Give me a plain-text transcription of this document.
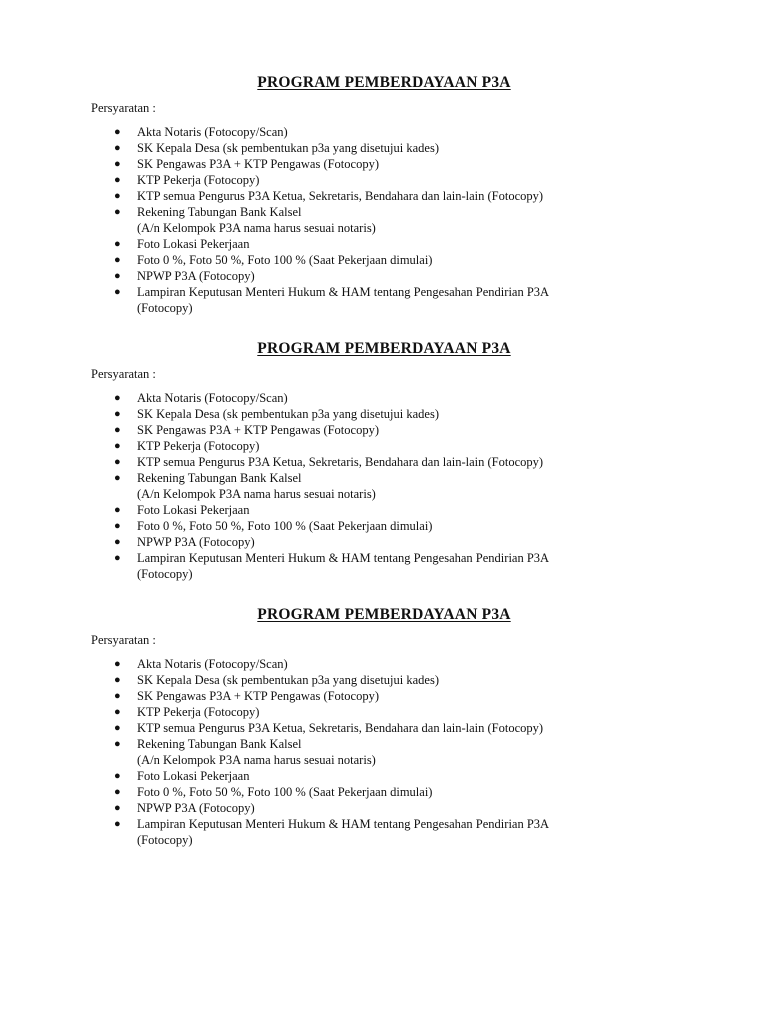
PROGRAM PEMBERDAYAAN P3A

Persyaratan :

● Akta Notaris (Fotocopy/Scan)
● SK Kepala Desa (sk pembentukan p3a yang disetujui kades)
● SK Pengawas P3A + KTP Pengawas (Fotocopy)
● KTP Pekerja (Fotocopy)
● KTP semua Pengurus P3A Ketua, Sekretaris, Bendahara dan lain-lain (Fotocopy)
● Rekening Tabungan Bank Kalsel
(A/n Kelompok P3A nama harus sesuai notaris)
● Foto Lokasi Pekerjaan
● Foto 0 %, Foto 50 %, Foto 100 % (Saat Pekerjaan dimulai)
● NPWP P3A (Fotocopy)
● Lampiran Keputusan Menteri Hukum & HAM tentang Pengesahan Pendirian P3A
(Fotocopy)
PROGRAM PEMBERDAYAAN P3A

Persyaratan :

● Akta Notaris (Fotocopy/Scan)
● SK Kepala Desa (sk pembentukan p3a yang disetujui kades)
● SK Pengawas P3A + KTP Pengawas (Fotocopy)
● KTP Pekerja (Fotocopy)
● KTP semua Pengurus P3A Ketua, Sekretaris, Bendahara dan lain-lain (Fotocopy)
● Rekening Tabungan Bank Kalsel
(A/n Kelompok P3A nama harus sesuai notaris)
● Foto Lokasi Pekerjaan
● Foto 0 %, Foto 50 %, Foto 100 % (Saat Pekerjaan dimulai)
● NPWP P3A (Fotocopy)
● Lampiran Keputusan Menteri Hukum & HAM tentang Pengesahan Pendirian P3A
(Fotocopy)
PROGRAM PEMBERDAYAAN P3A

Persyaratan :

● Akta Notaris (Fotocopy/Scan)
● SK Kepala Desa (sk pembentukan p3a yang disetujui kades)
● SK Pengawas P3A + KTP Pengawas (Fotocopy)
● KTP Pekerja (Fotocopy)
● KTP semua Pengurus P3A Ketua, Sekretaris, Bendahara dan lain-lain (Fotocopy)
● Rekening Tabungan Bank Kalsel
(A/n Kelompok P3A nama harus sesuai notaris)
● Foto Lokasi Pekerjaan
● Foto 0 %, Foto 50 %, Foto 100 % (Saat Pekerjaan dimulai)
● NPWP P3A (Fotocopy)
● Lampiran Keputusan Menteri Hukum & HAM tentang Pengesahan Pendirian P3A
(Fotocopy)
